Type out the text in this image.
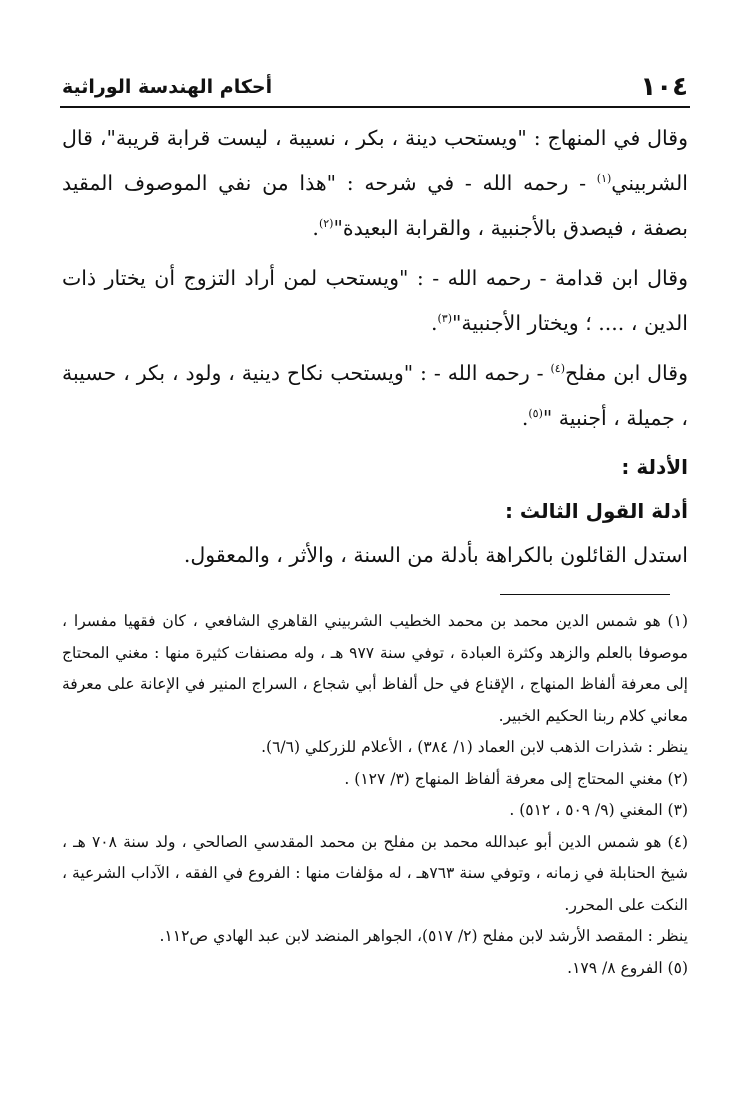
أحكام الهندسة الوراثية	١٠٤

وقال في المنهاج : "ويستحب دينة ، بكر ، نسيبة ، ليست قرابة قريبة"، قال الشربيني$^{(١)}$ - رحمه الله - في شرحه : "هذا من نفي الموصوف المقيد بصفة ، فيصدق بالأجنبية ، والقرابة البعيدة"$^{(٢)}$.

وقال ابن قدامة - رحمه الله - : "ويستحب لمن أراد التزوج أن يختار ذات الدين ، .... ؛ ويختار الأجنبية"$^{(٣)}$.

وقال ابن مفلح$^{(٤)}$ - رحمه الله - : "ويستحب نكاح دينية ، ولود ، بكر ، حسيبة ، جميلة ، أجنبية "$^{(٥)}$.

الأدلة :

أدلة القول الثالث :

استدل القائلون بالكراهة بأدلة من السنة ، والأثر ، والمعقول.

(١) هو شمس الدين محمد بن محمد الخطيب الشربيني القاهري الشافعي ، كان فقهيا مفسرا ، موصوفا بالعلم والزهد وكثرة العبادة ، توفي سنة ٩٧٧ هـ ، وله مصنفات كثيرة منها : مغني المحتاج إلى معرفة ألفاظ المنهاج ، الإقناع في حل ألفاظ أبي شجاع ، السراج المنير في الإعانة على معرفة معاني كلام ربنا الحكيم الخبير.

ينظر : شذرات الذهب لابن العماد (١/ ٣٨٤) ، الأعلام للزركلي (٦/٦).

(٢) مغني المحتاج إلى معرفة ألفاظ المنهاج (٣/ ١٢٧) .

(٣) المغني (٩/ ٥٠٩ ، ٥١٢) .

(٤) هو شمس الدين أبو عبدالله محمد بن مفلح بن محمد المقدسي الصالحي ، ولد سنة ٧٠٨ هـ ، شيخ الحنابلة في زمانه ، وتوفي سنة ٧٦٣هـ ، له مؤلفات منها : الفروع في الفقه ، الآداب الشرعية ، النكت على المحرر.

ينظر : المقصد الأرشد لابن مفلح (٢/ ٥١٧)، الجواهر المنضد لابن عبد الهادي ص١١٢.

(٥) الفروع ٨/ ١٧٩.
